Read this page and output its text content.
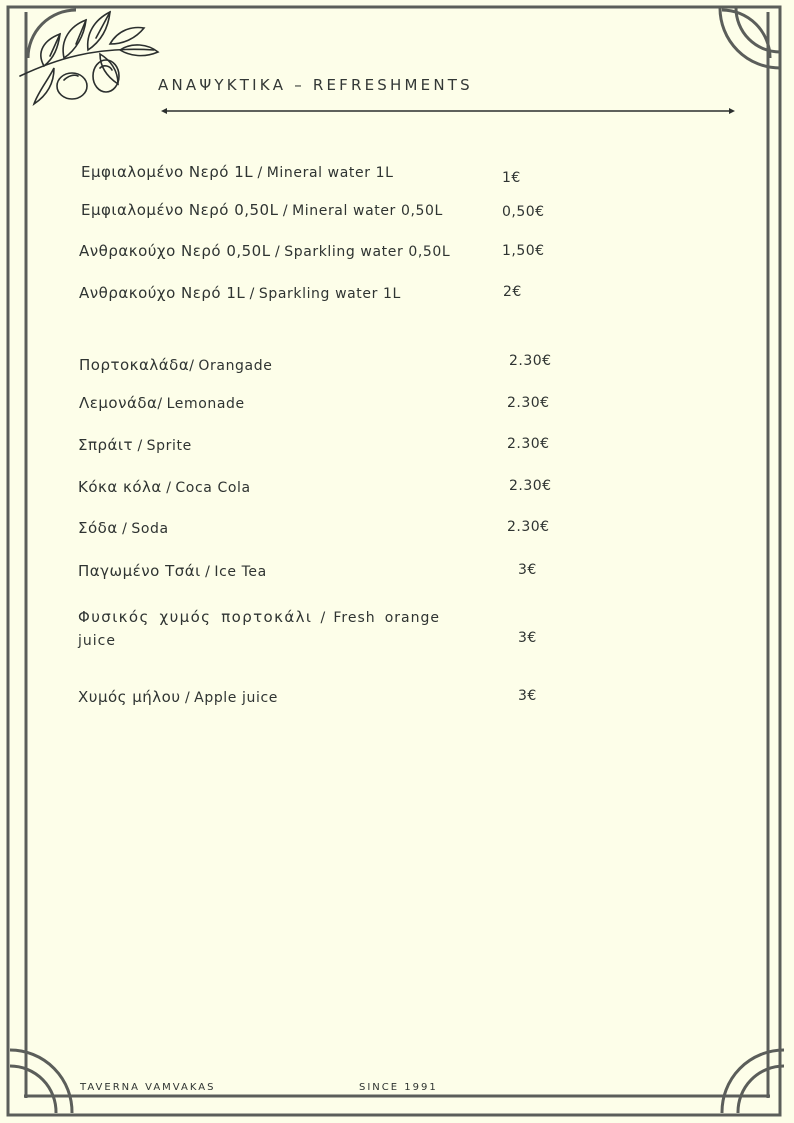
ΑΝΑΨΥΚΤΙΚΑ – REFRESHMENTS
Εμφιαλομένο Νερό 1L / Mineral water 1L	1€
Εμφιαλομένο Νερό 0,50L / Mineral water 0,50L	0,50€
Ανθρακούχο Νερό 0,50L / Sparkling water 0,50L	1,50€
Ανθρακούχο Νερό 1L / Sparkling water 1L	2€
Πορτοκαλάδα/ Orangade	2.30€
Λεμονάδα/ Lemonade	2.30€
Σπράιτ / Sprite	2.30€
Κόκα κόλα / Coca Cola	2.30€
Σόδα / Soda	2.30€
Παγωμένο Τσάι / Ice Tea	3€
Φυσικός χυμός πορτοκάλι / Fresh orange juice	3€
Χυμός μήλου / Apple juice	3€
TAVERNA VAMVAKAS	SINCE 1991
